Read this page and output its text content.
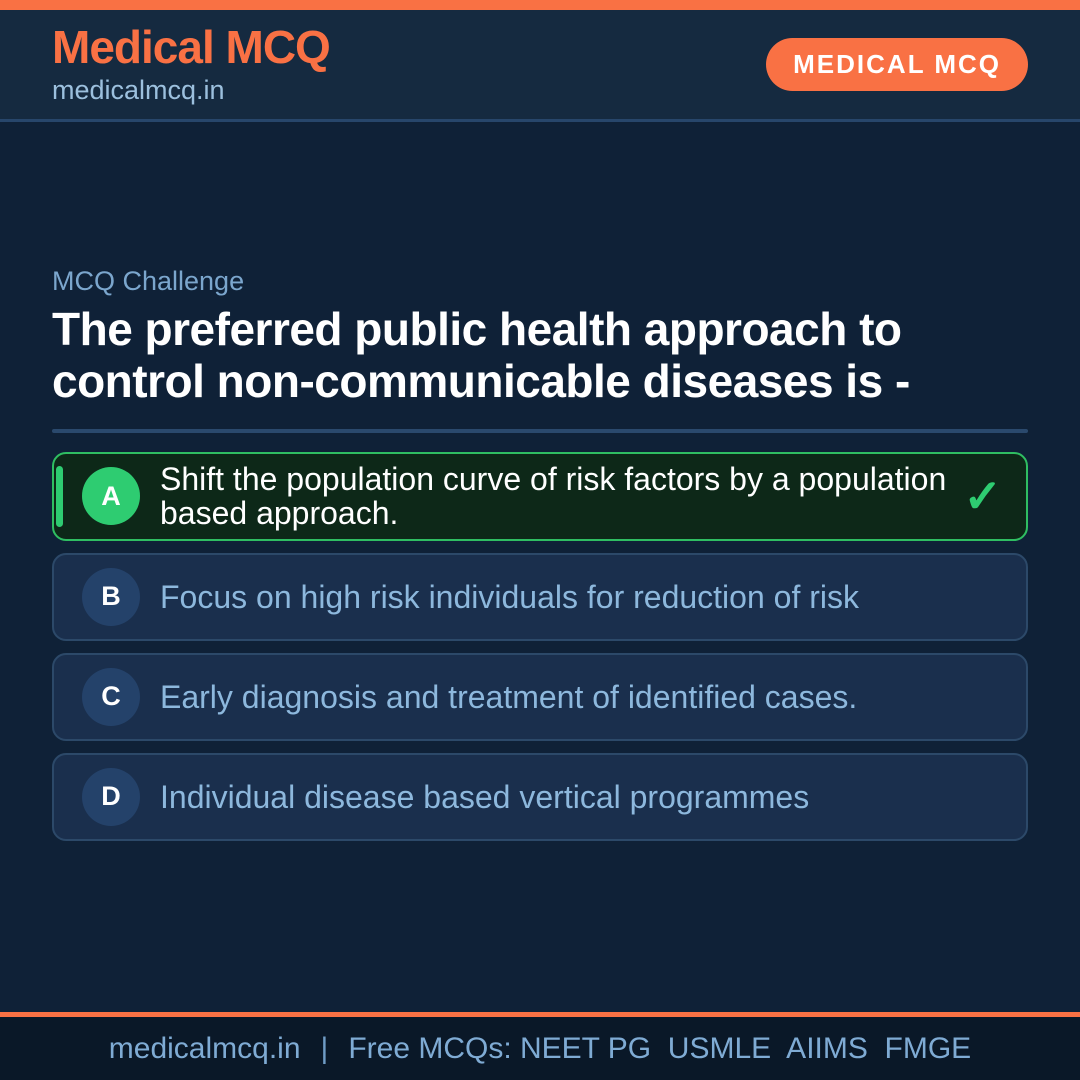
Medical MCQ
medicalmcq.in
MEDICAL MCQ
MCQ Challenge
The preferred public health approach to control non-communicable diseases is -
A	Shift the population curve of risk factors by a population based approach.	✓
B	Focus on high risk individuals for reduction of risk
C	Early diagnosis and treatment of identified cases.
D	Individual disease based vertical programmes
medicalmcq.in | Free MCQs: NEET PG  USMLE  AIIMS  FMGE
